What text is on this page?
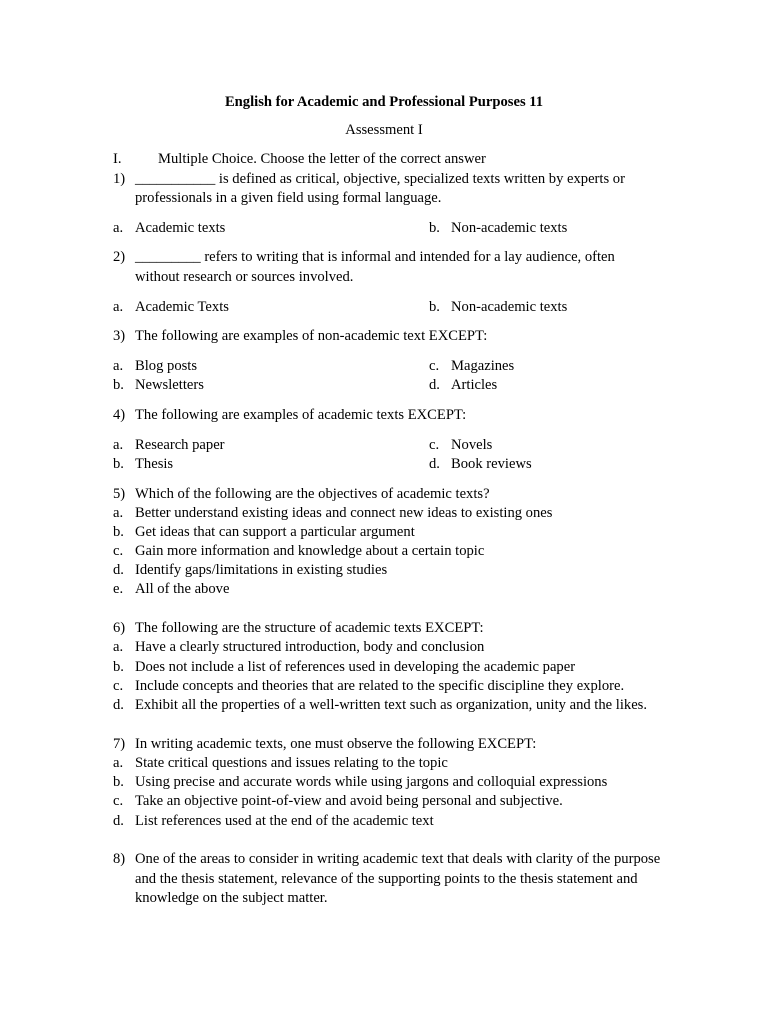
English for Academic and Professional Purposes 11
Assessment I
I. Multiple Choice. Choose the letter of the correct answer
1) ___________ is defined as critical, objective, specialized texts written by experts or
professionals in a given field using formal language.
a. Academic texts	b. Non-academic texts
2) _________ refers to writing that is informal and intended for a lay audience, often
without research or sources involved.
a. Academic Texts	b. Non-academic texts
3) The following are examples of non-academic text EXCEPT:
a. Blog posts	c. Magazines
b. Newsletters	d. Articles
4) The following are examples of academic texts EXCEPT:
a. Research paper	c. Novels
b. Thesis	d. Book reviews
5) Which of the following are the objectives of academic texts?
a. Better understand existing ideas and connect new ideas to existing ones
b. Get ideas that can support a particular argument
c. Gain more information and knowledge about a certain topic
d. Identify gaps/limitations in existing studies
e. All of the above
6) The following are the structure of academic texts EXCEPT:
a. Have a clearly structured introduction, body and conclusion
b. Does not include a list of references used in developing the academic paper
c. Include concepts and theories that are related to the specific discipline they explore.
d. Exhibit all the properties of a well-written text such as organization, unity and the likes.
7) In writing academic texts, one must observe the following EXCEPT:
a. State critical questions and issues relating to the topic
b. Using precise and accurate words while using jargons and colloquial expressions
c. Take an objective point-of-view and avoid being personal and subjective.
d. List references used at the end of the academic text
8) One of the areas to consider in writing academic text that deals with clarity of the purpose
and the thesis statement, relevance of the supporting points to the thesis statement and
knowledge on the subject matter.
